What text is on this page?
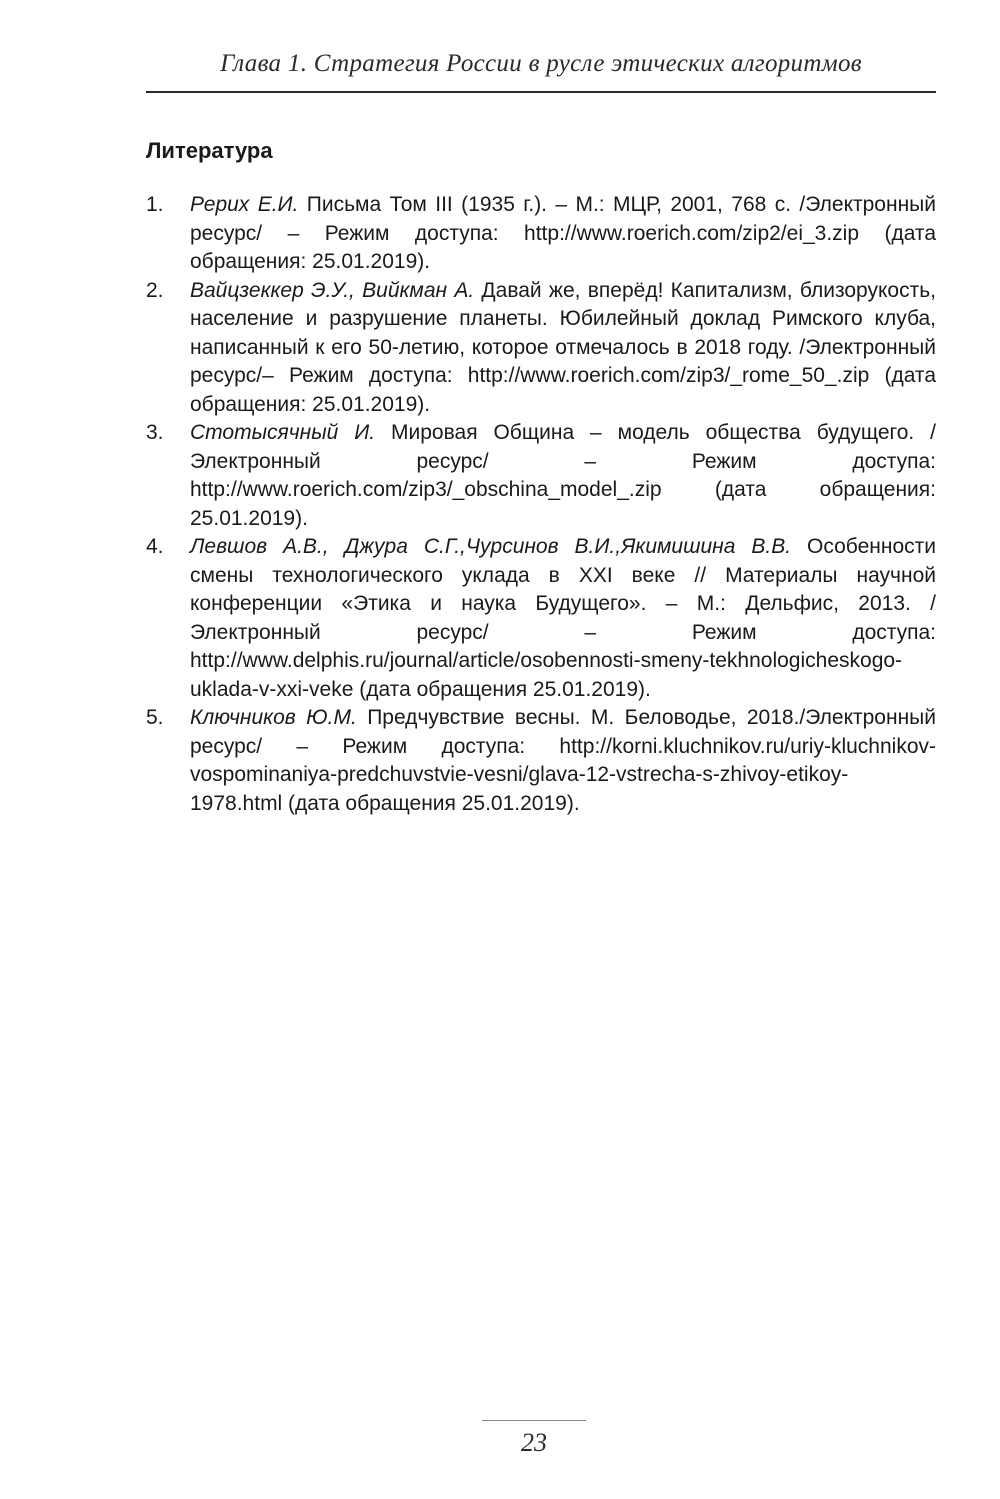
Глава 1. Стратегия России в русле этических алгоритмов
Литература
1. Рерих Е.И. Письма Том III (1935 г.). – М.: МЦР, 2001, 768 с. /Электронный ресурс/ – Режим доступа: http://www.roerich.com/zip2/ei_3.zip (дата обращения: 25.01.2019).
2. Вайцзеккер Э.У., Вийкман А. Давай же, вперёд! Капитализм, близорукость, население и разрушение планеты. Юбилейный доклад Римского клуба, написанный к его 50-летию, которое отмечалось в 2018 году. /Электронный ресурс/– Режим доступа: http://www.roerich.com/zip3/_rome_50_.zip (дата обращения: 25.01.2019).
3. Стотысячный И. Мировая Община – модель общества будущего. /Электронный ресурс/ – Режим доступа: http://www.roerich.com/zip3/_obschina_model_.zip (дата обращения: 25.01.2019).
4. Левшов А.В., Джура С.Г.,Чурсинов В.И.,Якимишина В.В. Особенности смены технологического уклада в XXI веке // Материалы научной конференции «Этика и наука Будущего». – М.: Дельфис, 2013. /Электронный ресурс/ – Режим доступа: http://www.delphis.ru/journal/article/osobennosti-smeny-tekhnologicheskogo-uklada-v-xxi-veke (дата обращения 25.01.2019).
5. Ключников Ю.М. Предчувствие весны. М. Беловодье, 2018./Электронный ресурс/ – Режим доступа: http://korni.kluchnikov.ru/uriy-kluchnikov-vospominaniya-predchuvstvie-vesni/glava-12-vstrecha-s-zhivoy-etikoy-1978.html (дата обращения 25.01.2019).
23
